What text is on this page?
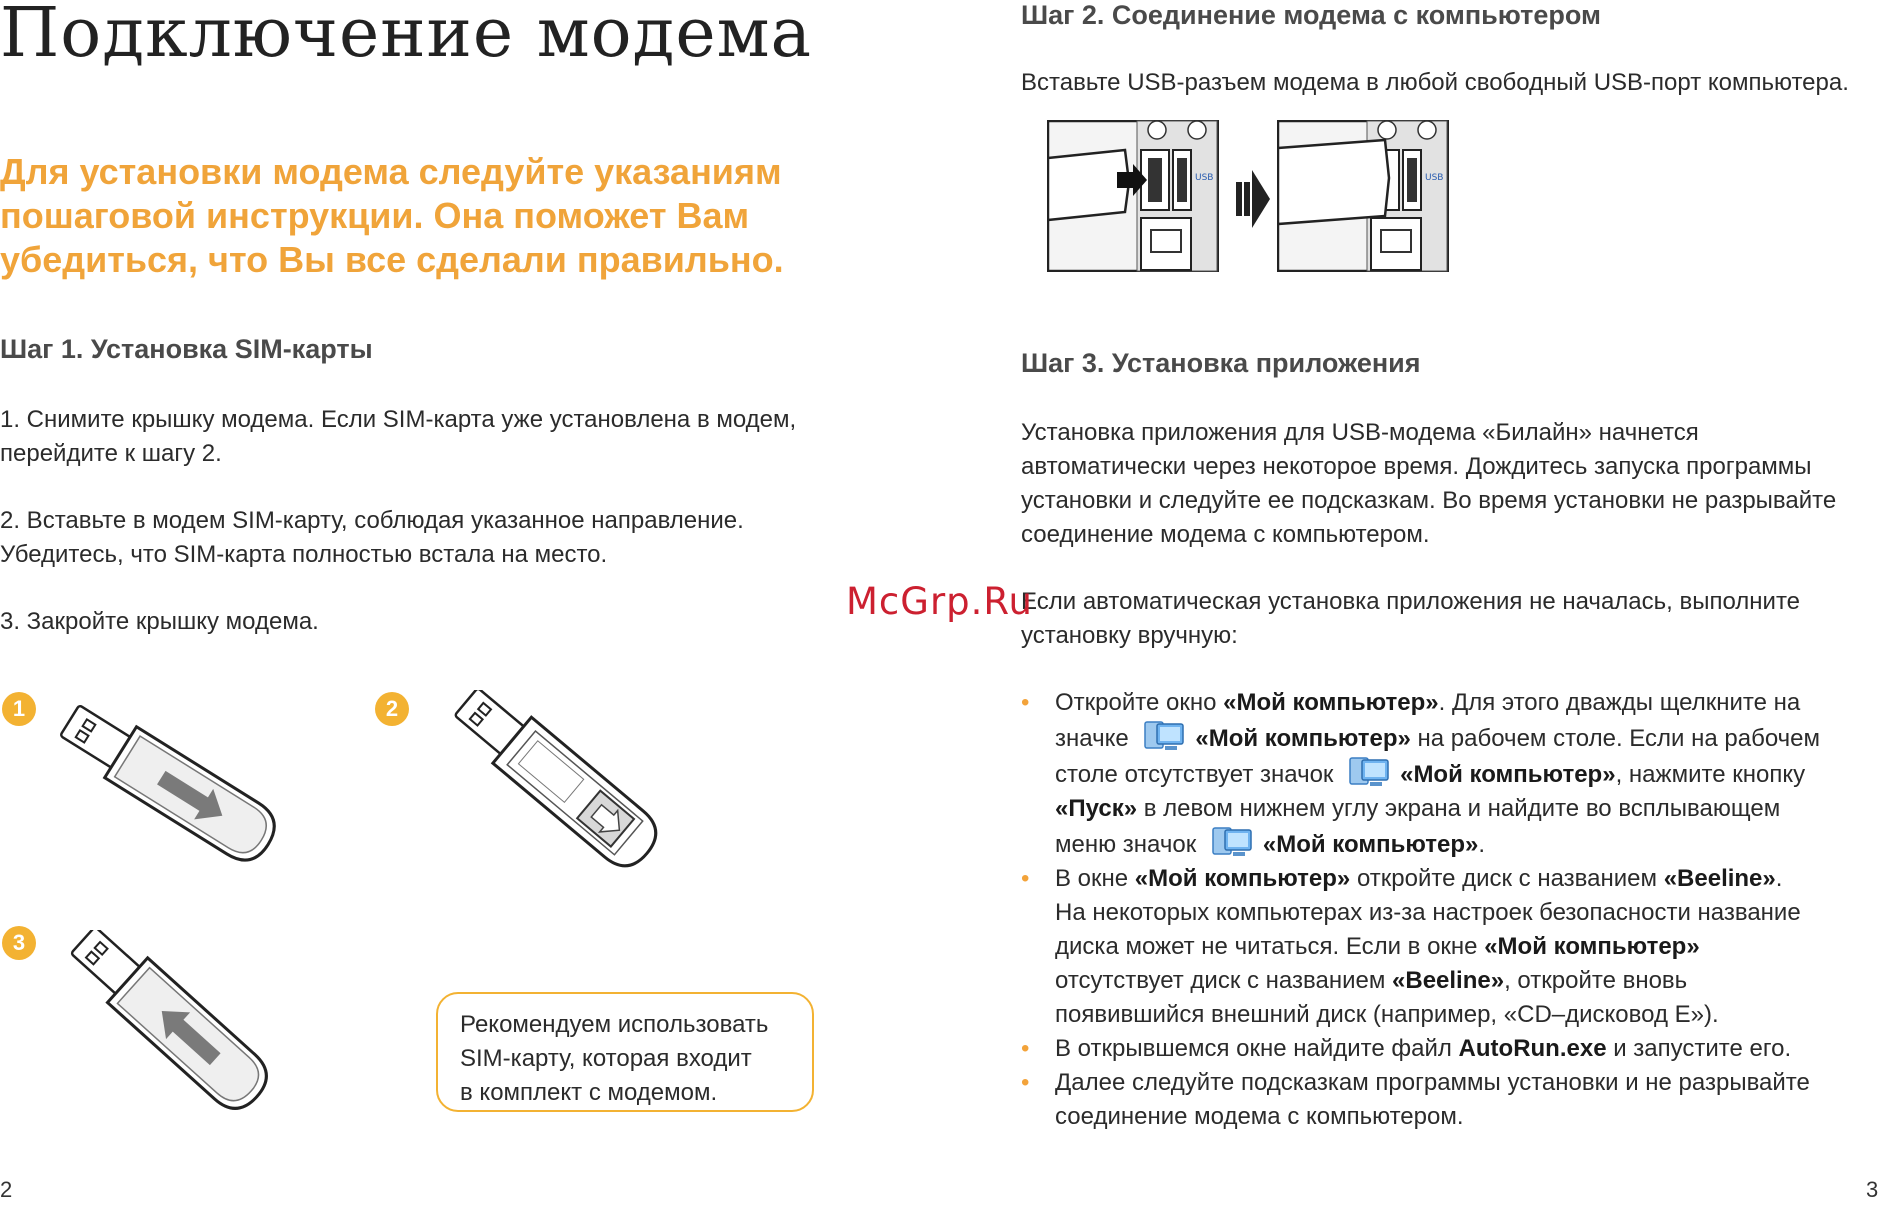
Подключение модема
Для установки модема следуйте указаниям
пошаговой инструкции. Она поможет Вам
убедиться, что Вы все сделали правильно.
Шаг 1. Установка SIM-карты
1. Снимите крышку модема. Если SIM-карта уже установлена в модем,
перейдите к шагу 2.
2. Вставьте в модем SIM-карту, соблюдая указанное направление.
Убедитесь, что SIM-карта полностью встала на место.
3. Закройте крышку модема.
1	2
3
Рекомендуем использовать
SIM-карту, которая входит
в комплект с модемом.
2
Шаг 2. Соединение модема с компьютером
Вставьте USB-разъем модема в любой свободный USB-порт компьютера.
USB	USB
Шаг 3. Установка приложения
Установка приложения для USB-модема «Билайн» начнется
автоматически через некоторое время. Дождитесь запуска программы
установки и следуйте ее подсказкам. Во время установки не разрывайте
соединение модема с компьютером.
Если автоматическая установка приложения не началась, выполните
установку вручную:
• Откройте окно «Мой компьютер». Для этого дважды щелкните на
значке	«Мой компьютер» на рабочем столе. Если на рабочем
столе отсутствует значок	«Мой компьютер», нажмите кнопку
«Пуск» в левом нижнем углу экрана и найдите во всплывающем
меню значок	«Мой компьютер».
• В окне «Мой компьютер» откройте диск с названием «Beeline».
На некоторых компьютерах из-за настроек безопасности название
диска может не читаться. Если в окне «Мой компьютер»
отсутствует диск с названием «Beeline», откройте вновь
появившийся внешний диск (например, «CD–дисковод E»).
• В открывшемся окне найдите файл AutoRun.exe и запустите его.
• Далее следуйте подсказкам программы установки и не разрывайте
соединение модема с компьютером.
3
McGrp.Ru
